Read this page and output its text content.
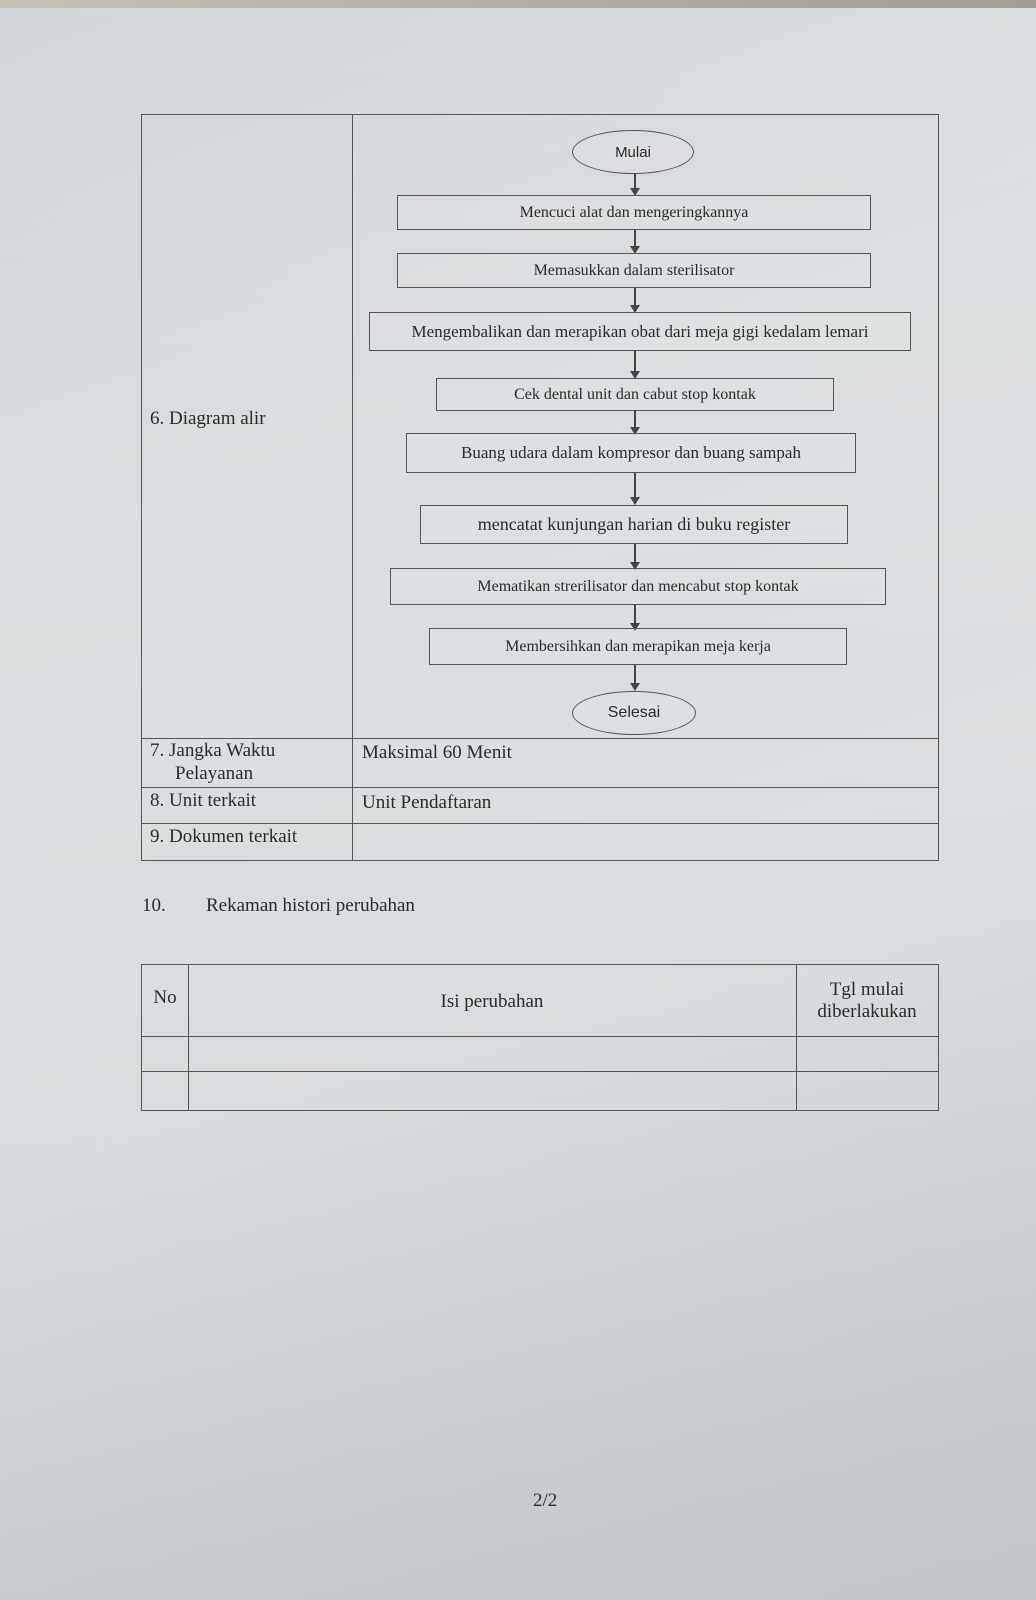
6. Diagram alir
7. Jangka Waktu
Pelayanan
Maksimal 60 Menit
8. Unit terkait	Unit Pendaftaran
9. Dokumen terkait
Mulai
Mencuci alat dan mengeringkannya
Memasukkan dalam sterilisator
Mengembalikan dan merapikan obat dari meja gigi kedalam lemari
Cek dental unit dan cabut stop kontak
Buang udara dalam kompresor dan buang sampah
mencatat kunjungan harian di buku register
Mematikan strerilisator dan mencabut stop kontak
Membersihkan dan merapikan meja kerja
Selesai
10. Rekaman histori perubahan
No	Isi perubahan
Tgl mulai
diberlakukan
2/2
